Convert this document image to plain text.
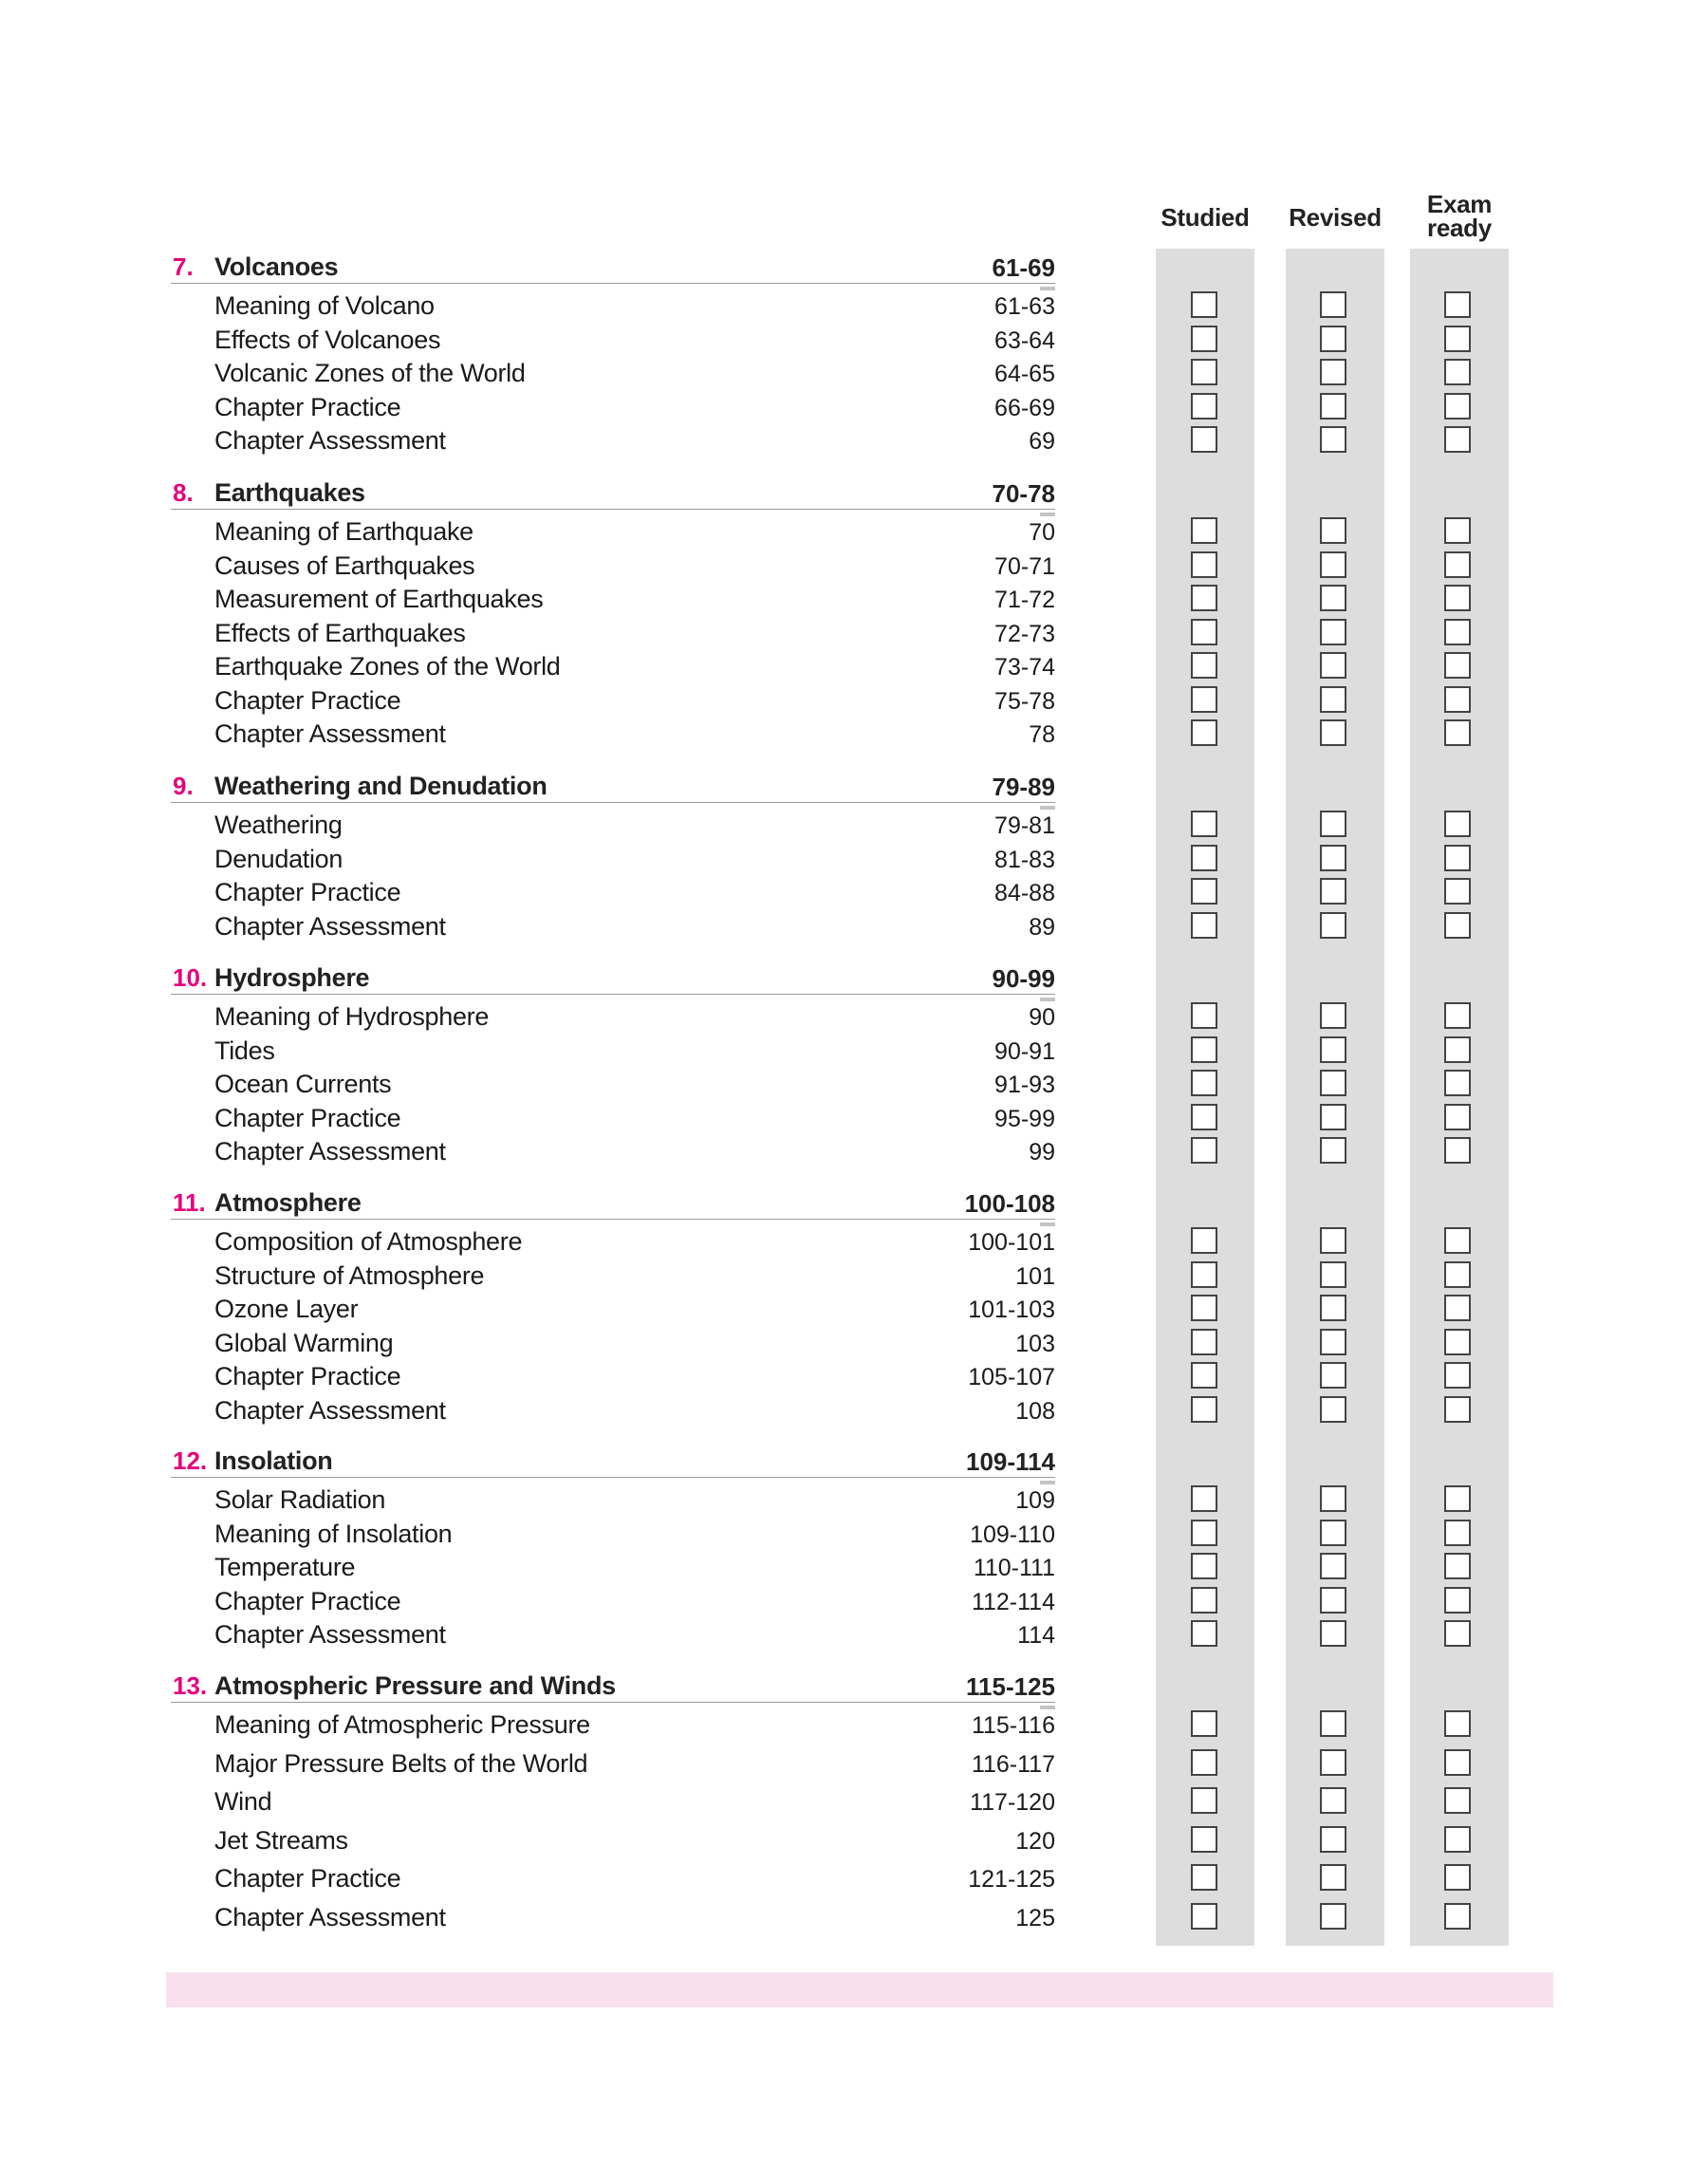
Studied	Revised	Exam ready
7. Volcanoes	61-69
Meaning of Volcano	61-63
Effects of Volcanoes	63-64
Volcanic Zones of the World	64-65
Chapter Practice	66-69
Chapter Assessment	69
8. Earthquakes	70-78
Meaning of Earthquake	70
Causes of Earthquakes	70-71
Measurement of Earthquakes	71-72
Effects of Earthquakes	72-73
Earthquake Zones of the World	73-74
Chapter Practice	75-78
Chapter Assessment	78
9. Weathering and Denudation	79-89
Weathering	79-81
Denudation	81-83
Chapter Practice	84-88
Chapter Assessment	89
10. Hydrosphere	90-99
Meaning of Hydrosphere	90
Tides	90-91
Ocean Currents	91-93
Chapter Practice	95-99
Chapter Assessment	99
11. Atmosphere	100-108
Composition of Atmosphere	100-101
Structure of Atmosphere	101
Ozone Layer	101-103
Global Warming	103
Chapter Practice	105-107
Chapter Assessment	108
12. Insolation	109-114
Solar Radiation	109
Meaning of Insolation	109-110
Temperature	110-111
Chapter Practice	112-114
Chapter Assessment	114
13. Atmospheric Pressure and Winds	115-125
Meaning of Atmospheric Pressure	115-116
Major Pressure Belts of the World	116-117
Wind	117-120
Jet Streams	120
Chapter Practice	121-125
Chapter Assessment	125
